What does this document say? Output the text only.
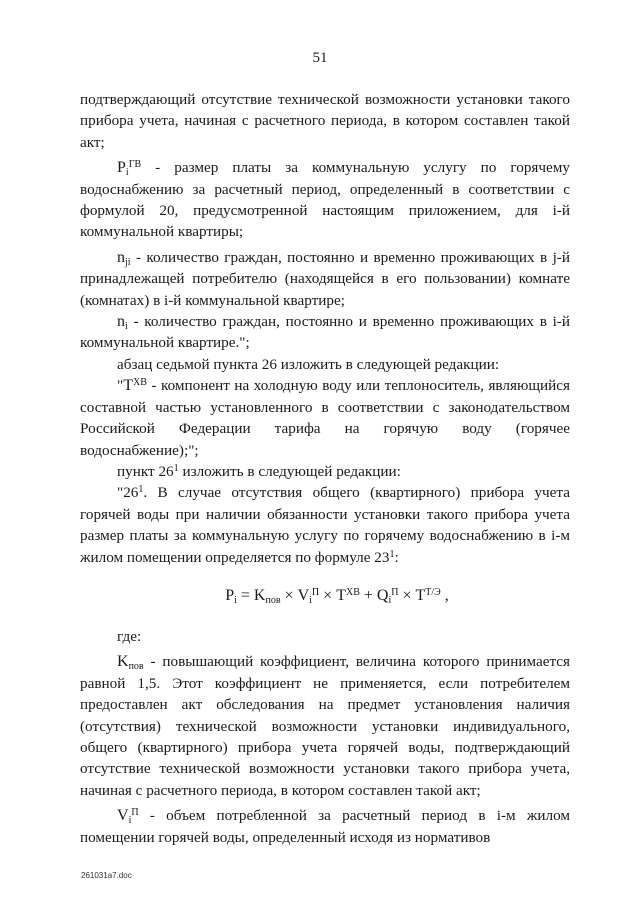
51

подтверждающий отсутствие технической возможности установки такого прибора учета, начиная с расчетного периода, в котором составлен такой акт;

$P_i^{ГВ}$ - размер платы за коммунальную услугу по горячему водоснабжению за расчетный период, определенный в соответствии с формулой 20, предусмотренной настоящим приложением, для i-й коммунальной квартиры;

$n_{ji}$ - количество граждан, постоянно и временно проживающих в j-й принадлежащей потребителю (находящейся в его пользовании) комнате (комнатах) в i-й коммунальной квартире;

$n_i$ - количество граждан, постоянно и временно проживающих в i-й коммунальной квартире.";

абзац седьмой пункта 26 изложить в следующей редакции:

"$T^{ХВ}$ - компонент на холодную воду или теплоноситель, являющийся составной частью установленного в соответствии с законодательством Российской Федерации тарифа на горячую воду (горячее водоснабжение);";

пункт $26^1$ изложить в следующей редакции:

"$26^1$. В случае отсутствия общего (квартирного) прибора учета горячей воды при наличии обязанности установки такого прибора учета размер платы за коммунальную услугу по горячему водоснабжению в i-м жилом помещении определяется по формуле $23^1$:

$P_i = K_{пов} \times V_i^П \times T^{ХВ} + Q_i^П \times T^{Т/Э}$ ,

где:

$K_{пов}$ - повышающий коэффициент, величина которого принимается равной 1,5. Этот коэффициент не применяется, если потребителем предоставлен акт обследования на предмет установления наличия (отсутствия) технической возможности установки индивидуального, общего (квартирного) прибора учета горячей воды, подтверждающий отсутствие технической возможности установки такого прибора учета, начиная с расчетного периода, в котором составлен такой акт;

$V_i^П$ - объем потребленной за расчетный период в i-м жилом помещении горячей воды, определенный исходя из нормативов

261031a7.doc
